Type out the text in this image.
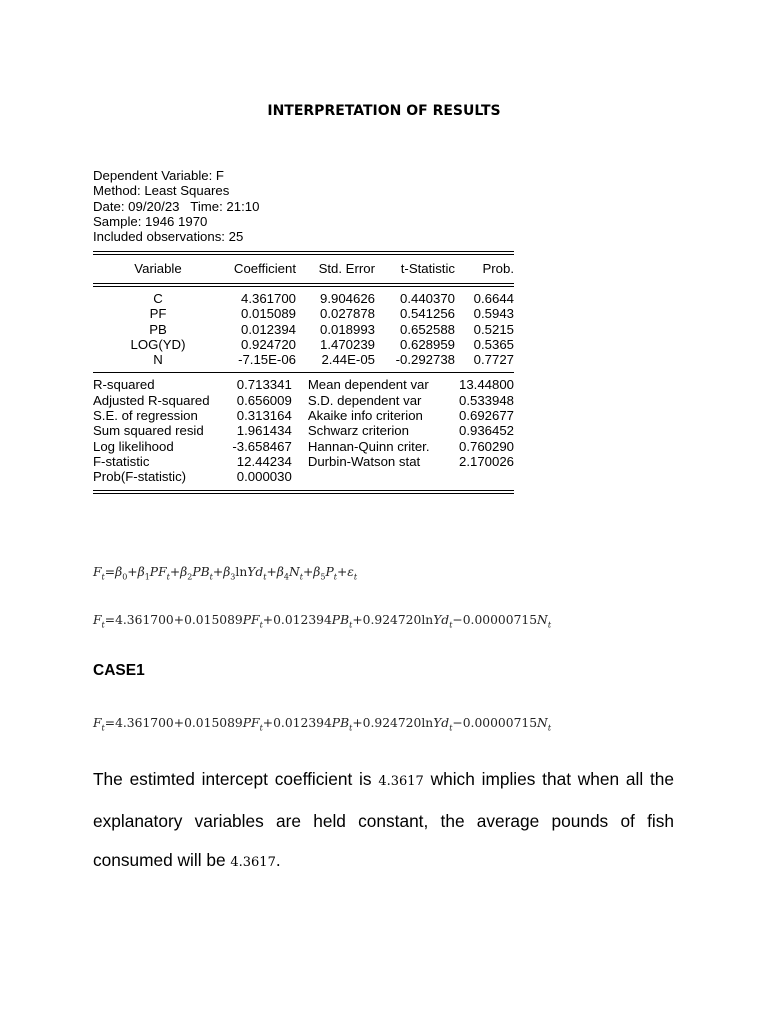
INTERPRETATION OF RESULTS
Dependent Variable: F
Method: Least Squares
Date: 09/20/23   Time: 21:10
Sample: 1946 1970
Included observations: 25
Variable	Coefficient	Std. Error	t-Statistic	Prob.
C	4.361700	9.904626	0.440370	0.6644
PF	0.015089	0.027878	0.541256	0.5943
PB	0.012394	0.018993	0.652588	0.5215
LOG(YD)	0.924720	1.470239	0.628959	0.5365
N	-7.15E-06	2.44E-05	-0.292738	0.7727
R-squared	0.713341	Mean dependent var	13.44800
Adjusted R-squared	0.656009	S.D. dependent var	0.533948
S.E. of regression	0.313164	Akaike info criterion	0.692677
Sum squared resid	1.961434	Schwarz criterion	0.936452
Log likelihood	-3.658467	Hannan-Quinn criter.	0.760290
F-statistic	12.44234	Durbin-Watson stat	2.170026
Prob(F-statistic)	0.000030		
$F_t=\beta_0+\beta_1PF_t+\beta_2PB_t+\beta_3lnYd_t+\beta_4N_t+\beta_5P_t+\varepsilon_t$
$F_t=4.361700+0.015089PF_t+0.012394PB_t+0.924720lnYd_t-0.00000715N_t$
CASE1
$F_t=4.361700+0.015089PF_t+0.012394PB_t+0.924720lnYd_t-0.00000715N_t$
The estimted intercept coefficient is 4.3617 which implies that when all the explanatory variables are held constant, the average pounds of fish consumed will be 4.3617.
